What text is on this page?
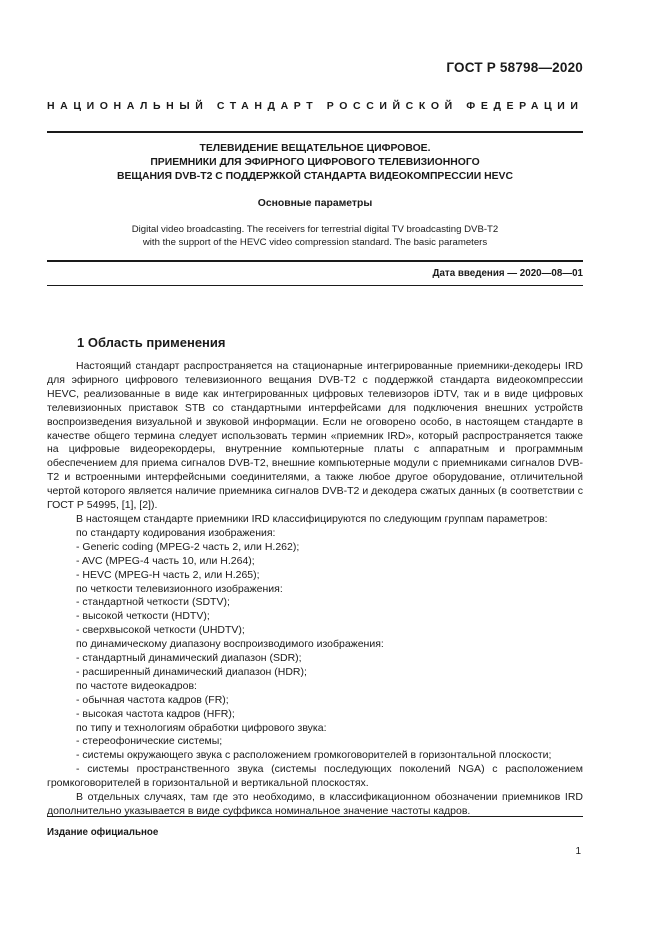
ГОСТ Р 58798—2020
НАЦИОНАЛЬНЫЙ СТАНДАРТ РОССИЙСКОЙ ФЕДЕРАЦИИ
ТЕЛЕВИДЕНИЕ ВЕЩАТЕЛЬНОЕ ЦИФРОВОЕ.
ПРИЕМНИКИ ДЛЯ ЭФИРНОГО ЦИФРОВОГО ТЕЛЕВИЗИОННОГО
ВЕЩАНИЯ DVB-T2 С ПОДДЕРЖКОЙ СТАНДАРТА ВИДЕОКОМПРЕССИИ HEVC
Основные параметры
Digital video broadcasting. The receivers for terrestrial digital TV broadcasting DVB-T2
with the support of the HEVC video compression standard. The basic parameters
Дата введения — 2020—08—01
1 Область применения

Настоящий стандарт распространяется на стационарные интегрированные приемники-декодеры IRD для эфирного цифрового телевизионного вещания DVB-T2 с поддержкой стандарта видеокомпрессии HEVC, реализованные в виде как интегрированных цифровых телевизоров iDTV, так и в виде цифровых телевизионных приставок STB со стандартными интерфейсами для подключения внешних устройств воспроизведения визуальной и звуковой информации. Если не оговорено особо, в настоящем стандарте в качестве общего термина следует использовать термин «приемник IRD», который распространяется также на цифровые видеорекордеры, внутренние компьютерные платы с аппаратным и программным обеспечением для приема сигналов DVB-T2, внешние компьютерные модули с приемниками сигналов DVB-T2 и встроенными интерфейсными соединителями, а также любое другое оборудование, отличительной чертой которого является наличие приемника сигналов DVB-T2 и декодера сжатых данных (в соответствии с ГОСТ Р 54995, [1], [2]).

В настоящем стандарте приемники IRD классифицируются по следующим группам параметров:

по стандарту кодирования изображения:

- Generic coding (MPEG-2 часть 2, или H.262);

- AVC (MPEG-4 часть 10, или H.264);

- HEVC (MPEG-H часть 2, или H.265);

по четкости телевизионного изображения:

- стандартной четкости (SDTV);

- высокой четкости (HDTV);

- сверхвысокой четкости (UHDTV);

по динамическому диапазону воспроизводимого изображения:

- стандартный динамический диапазон (SDR);

- расширенный динамический диапазон (HDR);

по частоте видеокадров:

- обычная частота кадров (FR);

- высокая частота кадров (HFR);

по типу и технологиям обработки цифрового звука:

- стереофонические системы;

- системы окружающего звука с расположением громкоговорителей в горизонтальной плоскости;

- системы пространственного звука (системы последующих поколений NGA) с расположением громкоговорителей в горизонтальной и вертикальной плоскостях.

В отдельных случаях, там где это необходимо, в классификационном обозначении приемников IRD дополнительно указывается в виде суффикса номинальное значение частоты кадров.

Издание официальное
1
